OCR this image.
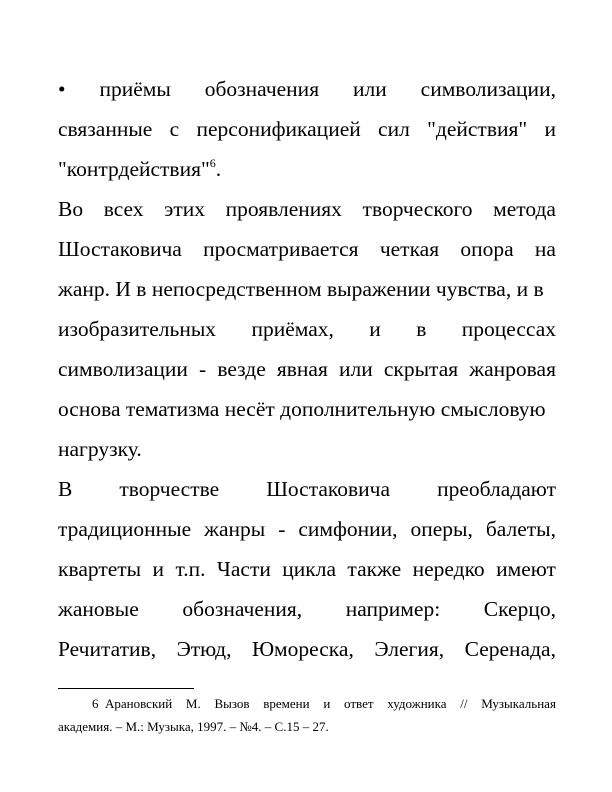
• приёмы обозначения или символизации,
связанные с персонификацией сил "действия" и
"контрдействия"$^6$.
Во всех этих проявлениях творческого метода
Шостаковича просматривается четкая опора на
жанр. И в непосредственном выражении чувства, и в
изобразительных приёмах, и в процессах
символизации - везде явная или скрытая жанровая
основа тематизма несёт дополнительную смысловую
нагрузку.
В творчестве Шостаковича преобладают
традиционные жанры - симфонии, оперы, балеты,
квартеты и т.п. Части цикла также нередко имеют
жановые обозначения, например: Скерцо,
Речитатив, Этюд, Юмореска, Элегия, Серенада,
6 Арановский М. Вызов времени и ответ художника // Музыкальная
академия. – М.: Музыка, 1997. – №4. – С.15 – 27.
